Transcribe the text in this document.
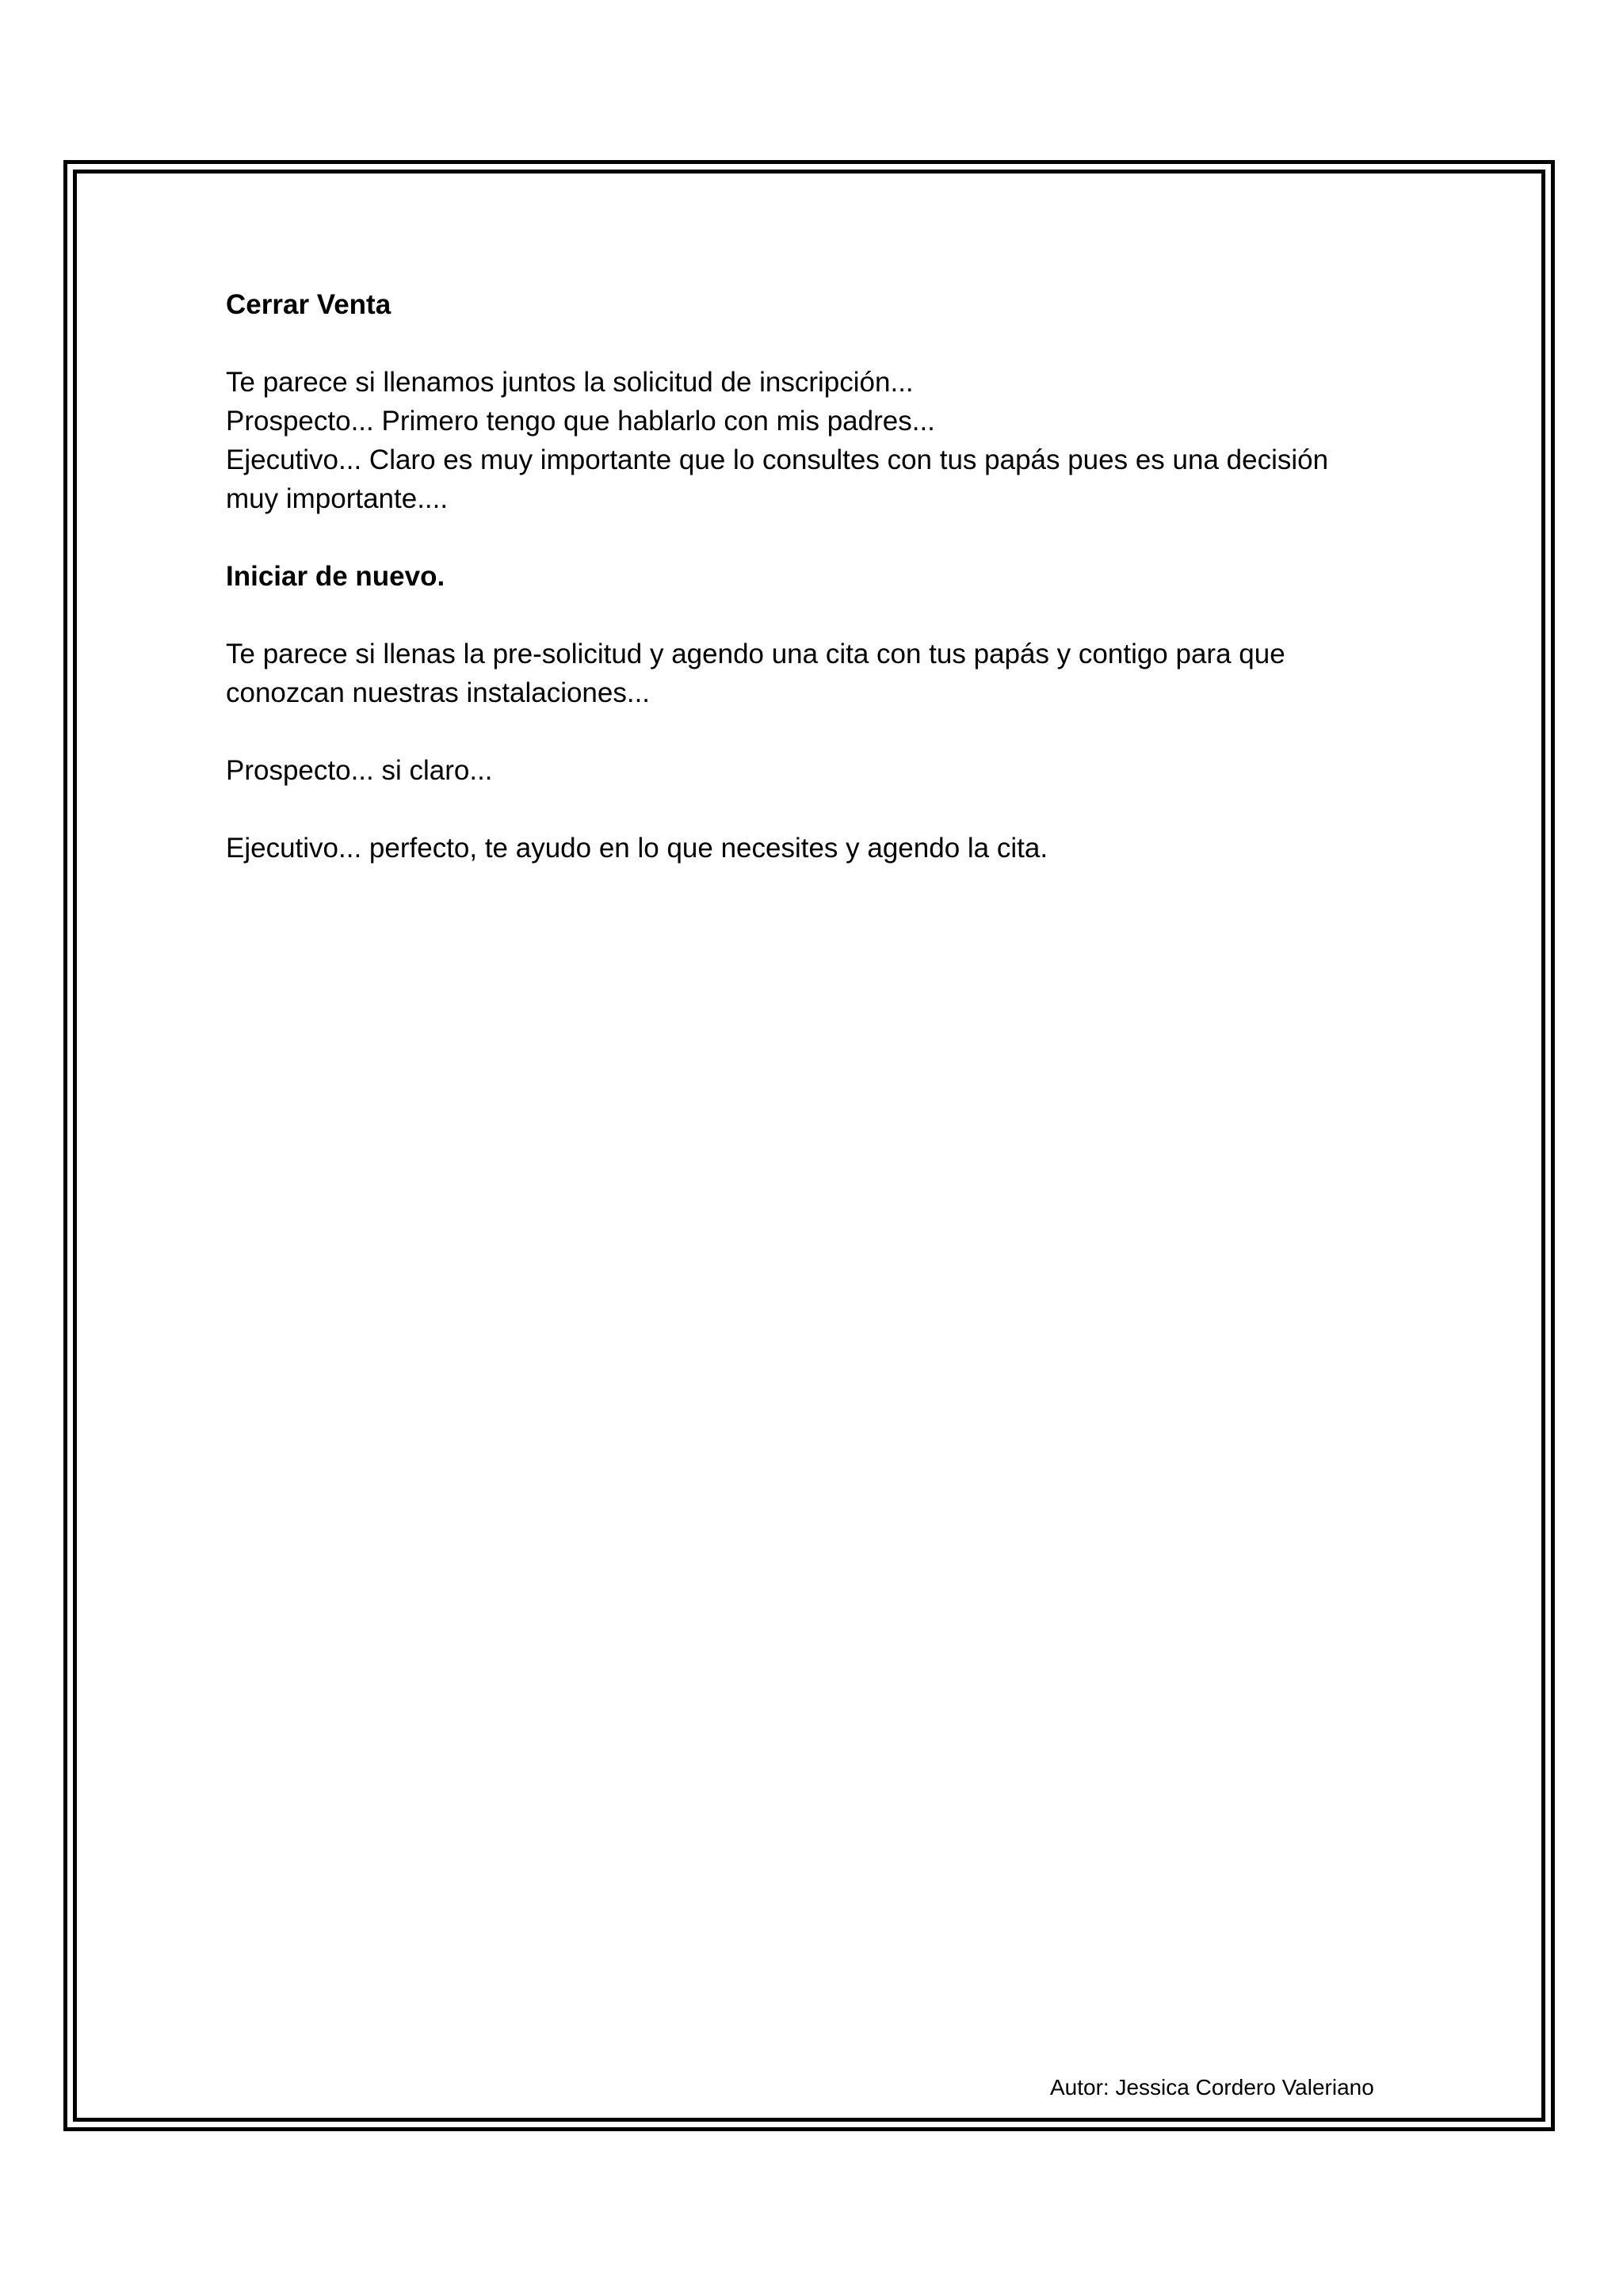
Cerrar Venta

Te parece si llenamos juntos la solicitud de inscripción...

Prospecto... Primero tengo que hablarlo con mis padres...

Ejecutivo... Claro es muy importante que lo consultes con tus papás pues es una decisión

muy importante....

Iniciar de nuevo.

Te parece si llenas la pre-solicitud y agendo una cita con tus papás y contigo para que

conozcan nuestras instalaciones...

Prospecto... si claro...

Ejecutivo... perfecto, te ayudo en lo que necesites y agendo la cita.

Autor: Jessica Cordero Valeriano
